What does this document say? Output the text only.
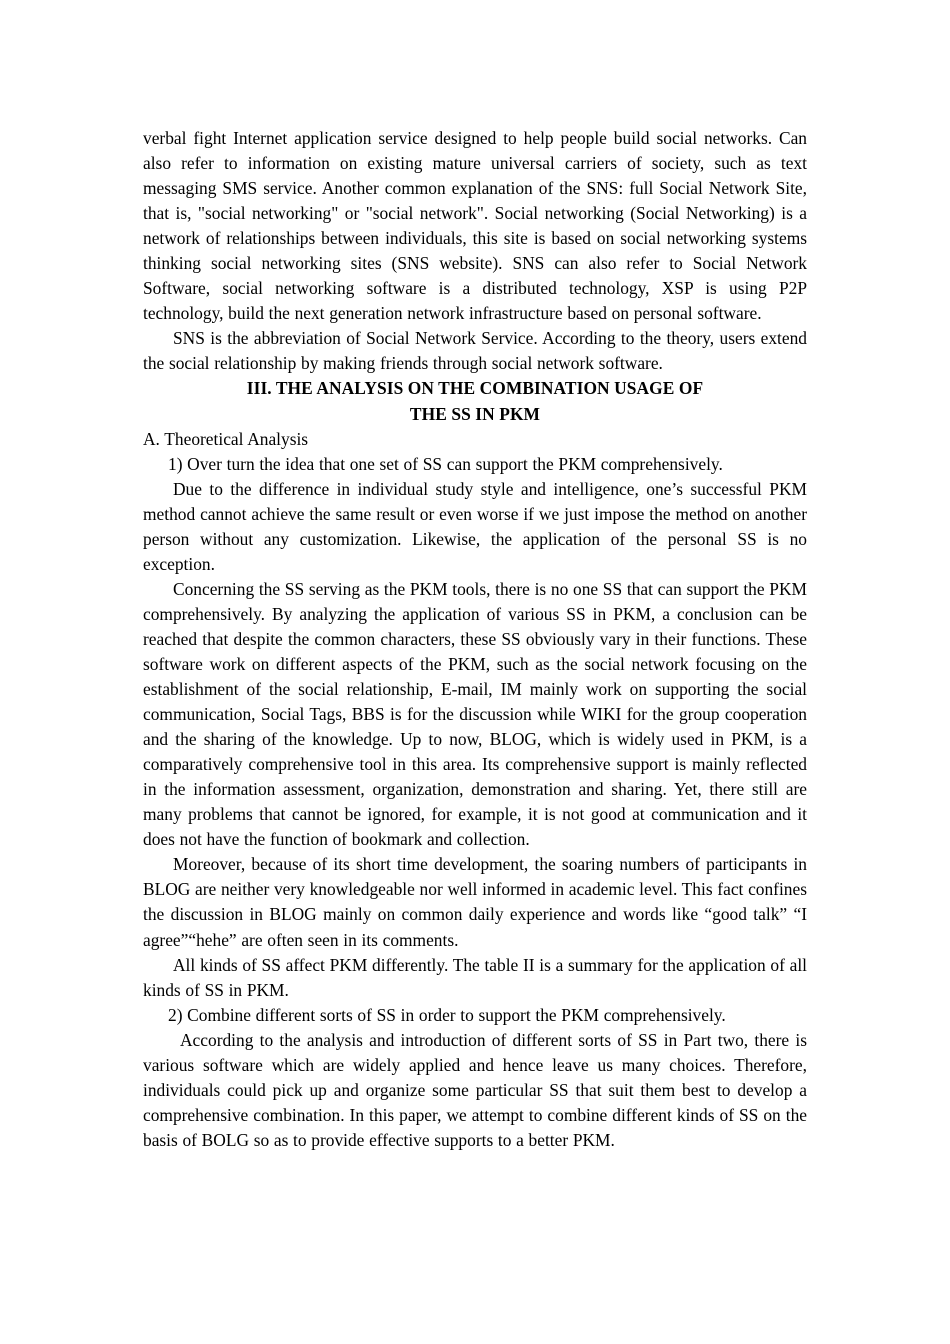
verbal fight Internet application service designed to help people build social networks. Can also refer to information on existing mature universal carriers of society, such as text messaging SMS service. Another common explanation of the SNS: full Social Network Site, that is, "social networking" or "social network". Social networking (Social Networking) is a network of relationships between individuals, this site is based on social networking systems thinking social networking sites (SNS website). SNS can also refer to Social Network Software, social networking software is a distributed technology, XSP is using P2P technology, build the next generation network infrastructure based on personal software.

SNS is the abbreviation of Social Network Service. According to the theory, users extend the social relationship by making friends through social network software.

III. THE ANALYSIS ON THE COMBINATION USAGE OF
THE SS IN PKM

A. Theoretical Analysis

1) Over turn the idea that one set of SS can support the PKM comprehensively.

Due to the difference in individual study style and intelligence, one’s successful PKM method cannot achieve the same result or even worse if we just impose the method on another person without any customization. Likewise, the application of the personal SS is no exception.

Concerning the SS serving as the PKM tools, there is no one SS that can support the PKM comprehensively. By analyzing the application of various SS in PKM, a conclusion can be reached that despite the common characters, these SS obviously vary in their functions. These software work on different aspects of the PKM, such as the social network focusing on the establishment of the social relationship, E-mail, IM mainly work on supporting the social communication, Social Tags, BBS is for the discussion while WIKI for the group cooperation and the sharing of the knowledge. Up to now, BLOG, which is widely used in PKM, is a comparatively comprehensive tool in this area. Its comprehensive support is mainly reflected in the information assessment, organization, demonstration and sharing. Yet, there still are many problems that cannot be ignored, for example, it is not good at communication and it does not have the function of bookmark and collection.

Moreover, because of its short time development, the soaring numbers of participants in BLOG are neither very knowledgeable nor well informed in academic level. This fact confines the discussion in BLOG mainly on common daily experience and words like “good talk” “I agree”“hehe” are often seen in its comments.

All kinds of SS affect PKM differently. The table II is a summary for the application of all kinds of SS in PKM.

2) Combine different sorts of SS in order to support the PKM comprehensively.

According to the analysis and introduction of different sorts of SS in Part two, there is various software which are widely applied and hence leave us many choices. Therefore, individuals could pick up and organize some particular SS that suit them best to develop a comprehensive combination. In this paper, we attempt to combine different kinds of SS on the basis of BOLG so as to provide effective supports to a better PKM.
